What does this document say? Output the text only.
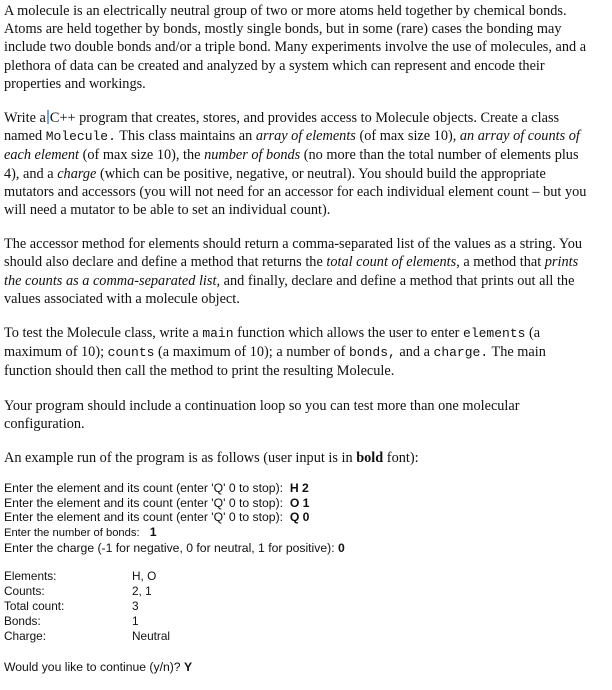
A molecule is an electrically neutral group of two or more atoms held together by chemical bonds. Atoms are held together by bonds, mostly single bonds, but in some (rare) cases the bonding may include two double bonds and/or a triple bond. Many experiments involve the use of molecules, and a plethora of data can be created and analyzed by a system which can represent and encode their properties and workings.

Write a C++ program that creates, stores, and provides access to Molecule objects. Create a class named Molecule. This class maintains an array of elements (of max size 10), an array of counts of each element (of max size 10), the number of bonds (no more than the total number of elements plus 4), and a charge (which can be positive, negative, or neutral). You should build the appropriate mutators and accessors (you will not need for an accessor for each individual element count – but you will need a mutator to be able to set an individual count).

The accessor method for elements should return a comma-separated list of the values as a string. You should also declare and define a method that returns the total count of elements, a method that prints the counts as a comma-separated list, and finally, declare and define a method that prints out all the values associated with a molecule object.

To test the Molecule class, write a main function which allows the user to enter elements (a maximum of 10); counts (a maximum of 10); a number of bonds, and a charge. The main function should then call the method to print the resulting Molecule.

Your program should include a continuation loop so you can test more than one molecular configuration.

An example run of the program is as follows (user input is in bold font):

Enter the element and its count (enter 'Q' 0 to stop): H 2

Enter the element and its count (enter 'Q' 0 to stop): O 1

Enter the element and its count (enter 'Q' 0 to stop): Q 0

Enter the number of bonds: 1

Enter the charge (-1 for negative, 0 for neutral, 1 for positive): 0

Elements:	H, O
Counts:	2, 1
Total count:	3
Bonds:	1
Charge:	Neutral

Would you like to continue (y/n)? Y
